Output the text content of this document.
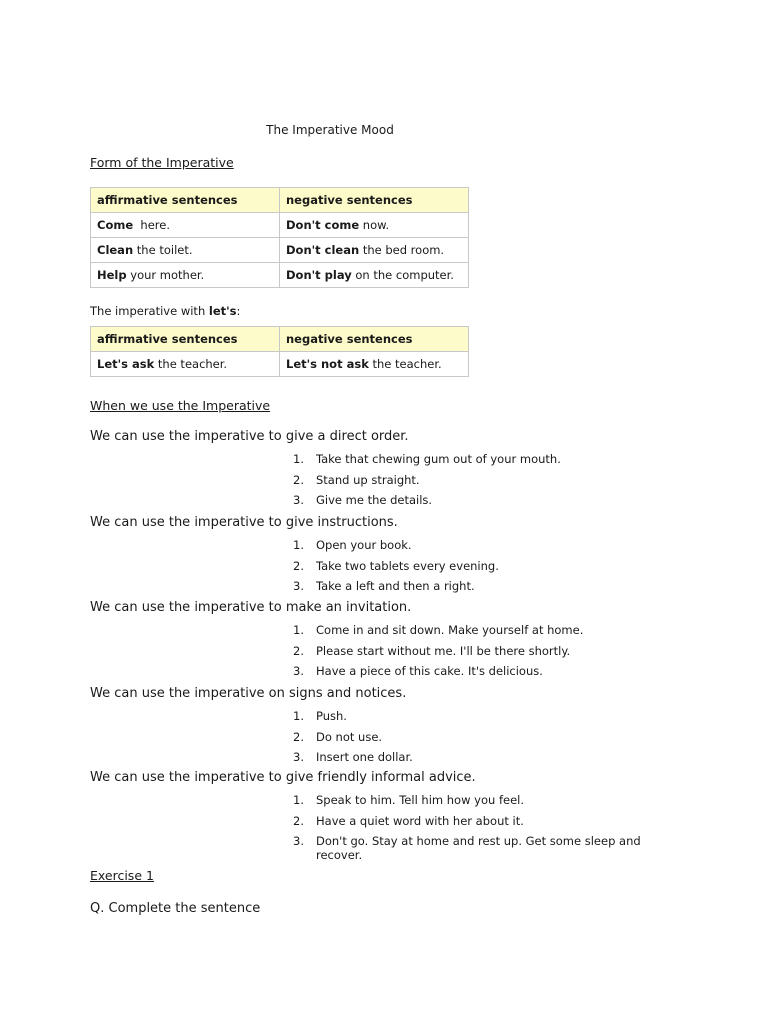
The Imperative Mood
Form of the Imperative
affirmative sentences	negative sentences
Come  here.	Don't come now.
Clean the toilet.	Don't clean the bed room.
Help your mother.	Don't play on the computer.
The imperative with let's:
affirmative sentences	negative sentences
Let's ask the teacher.	Let's not ask the teacher.
When we use the Imperative
We can use the imperative to give a direct order.
1. Take that chewing gum out of your mouth.
2. Stand up straight.
3. Give me the details.
We can use the imperative to give instructions.
1. Open your book.
2. Take two tablets every evening.
3. Take a left and then a right.
We can use the imperative to make an invitation.
1. Come in and sit down. Make yourself at home.
2. Please start without me. I'll be there shortly.
3. Have a piece of this cake. It's delicious.
We can use the imperative on signs and notices.
1. Push.
2. Do not use.
3. Insert one dollar.
We can use the imperative to give friendly informal advice.
1. Speak to him. Tell him how you feel.
2. Have a quiet word with her about it.
3. Don't go. Stay at home and rest up. Get some sleep and recover.
Exercise 1
Q. Complete the sentence
